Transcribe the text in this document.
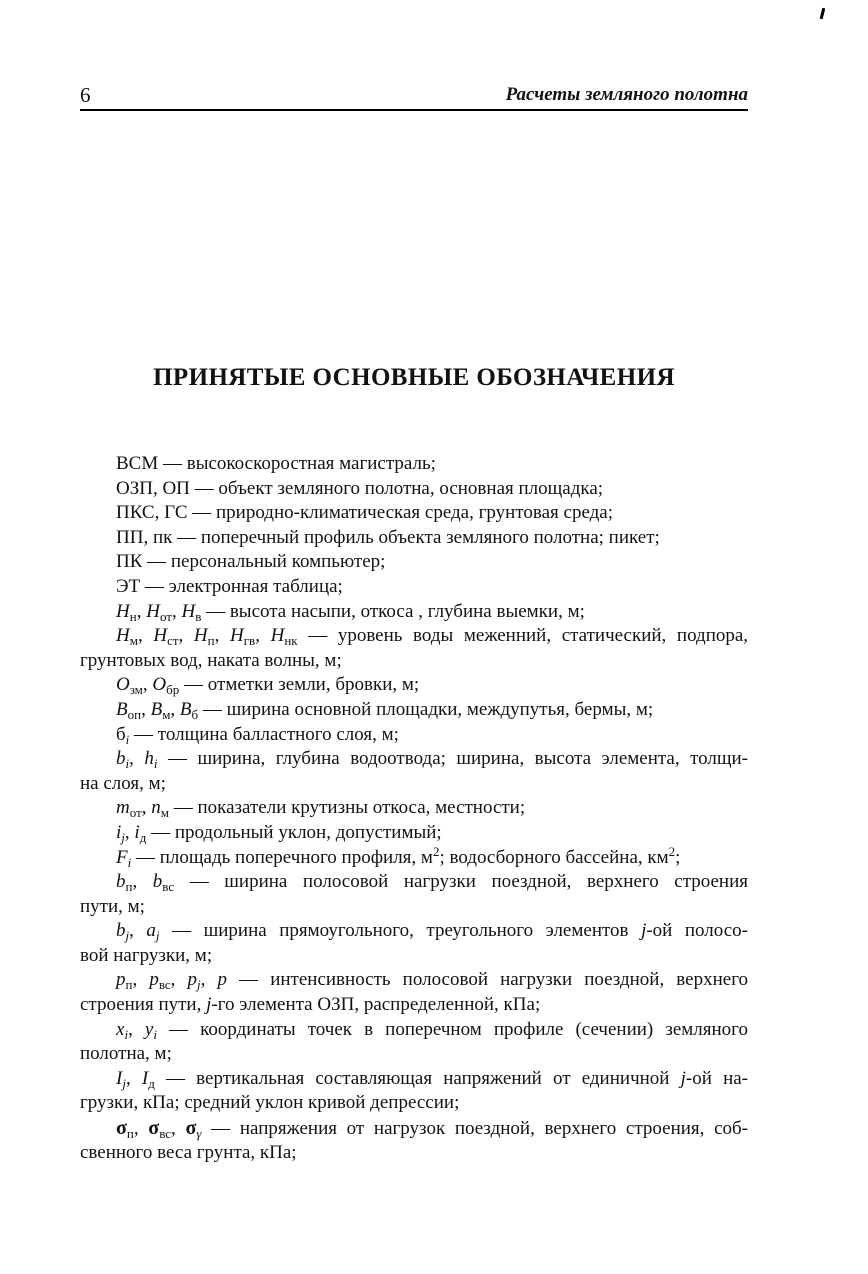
6	Расчеты земляного полотна
ПРИНЯТЫЕ ОСНОВНЫЕ ОБОЗНАЧЕНИЯ
ВСМ — высокоскоростная магистраль;
ОЗП, ОП — объект земляного полотна, основная площадка;
ПКС, ГС — природно-климатическая среда, грунтовая среда;
ПП, пк — поперечный профиль объекта земляного полотна; пикет;
ПК — персональный компьютер;
ЭТ — электронная таблица;
$Н_н$, $Н_{от}$, $Н_в$ — высота насыпи, откоса , глубина выемки, м;
$Н_м$, $Н_{ст}$, $Н_п$, $Н_{гв}$, $Н_{нк}$ — уровень воды меженний, статический, подпора,
грунтовых вод, наката волны, м;
$О_{зм}$, $О_{бр}$ — отметки земли, бровки, м;
$В_{оп}$, $В_м$, $В_б$ — ширина основной площадки, междупутья, бермы, м;
$б_i$ — толщина балластного слоя, м;
$b_i$, $h_i$ — ширина, глубина водоотвода; ширина, высота элемента, толщи-
на слоя, м;
$m_{от}$, $n_м$ — показатели крутизны откоса, местности;
$i_j$, $i_д$ — продольный уклон, допустимый;
$F_i$ — площадь поперечного профиля, $м^2$; водосборного бассейна, $км^2$;
$b_п$, $b_{вс}$ — ширина полосовой нагрузки поездной, верхнего строения
пути, м;
$b_j$, $a_j$ — ширина прямоугольного, треугольного элементов j-ой полосо-
вой нагрузки, м;
$p_п$, $p_{вс}$, $p_j$, p — интенсивность полосовой нагрузки поездной, верхнего
строения пути, j-го элемента ОЗП, распределенной, кПа;
$x_i$, $y_i$ — координаты точек в поперечном профиле (сечении) земляного
полотна, м;
$I_j$, $I_д$ — вертикальная составляющая напряжений от единичной j-ой на-
грузки, кПа; средний уклон кривой депрессии;
$\sigma_п$, $\sigma_{вс}$, $\sigma_\gamma$ — напряжения от нагрузок поездной, верхнего строения, соб-
свенного веса грунта, кПа;
